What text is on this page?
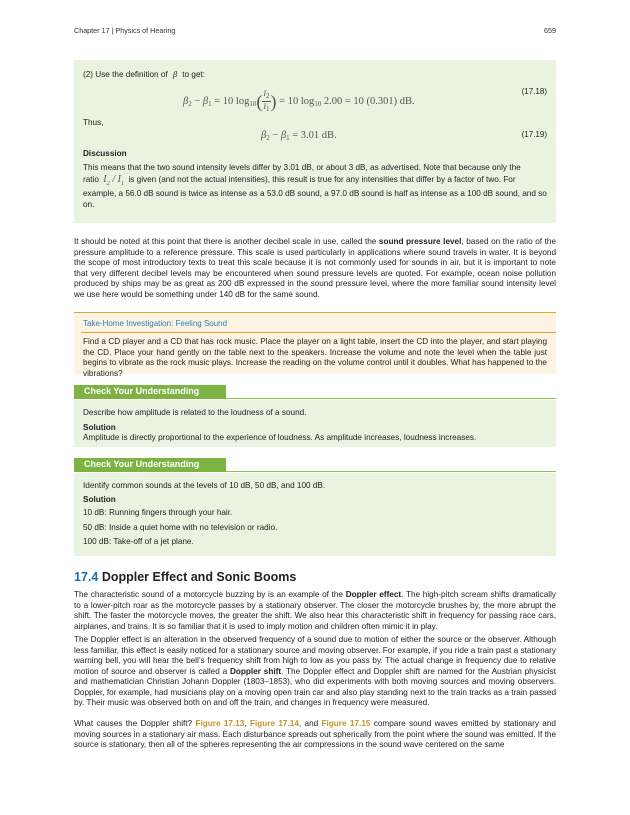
Chapter 17 | Physics of Hearing	659

(2) Use the definition of β to get:

$\beta_2 - \beta_1 = 10$ $\log_{10}( \frac{I_2}{I_1}$ ) = 10 $\log_{10} 2.00 = 10$ (0.301) dB.
(17.18)

Thus,

$\beta_2 - \beta_1 = 3.01$ dB.	(17.19)

Discussion

This means that the two sound intensity levels differ by 3.01 dB, or about 3 dB, as advertised. Note that because only the

ratio $I_2 / I_1$ is given (and not the actual intensities), this result is true for any intensities that differ by a factor of two. For

example, a 56.0 dB sound is twice as intense as a 53.0 dB sound, a 97.0 dB sound is half as intense as a 100 dB sound, and so on.

It should be noted at this point that there is another decibel scale in use, called the sound pressure level, based on the ratio of the pressure amplitude to a reference pressure. This scale is used particularly in applications where sound travels in water. It is beyond the scope of most introductory texts to treat this scale because it is not commonly used for sounds in air, but it is important to note that very different decibel levels may be encountered when sound pressure levels are quoted. For example, ocean noise pollution produced by ships may be as great as 200 dB expressed in the sound pressure level, where the more familiar sound intensity level we use here would be something under 140 dB for the same sound.
Take-Home Investigation: Feeling Sound

Find a CD player and a CD that has rock music. Place the player on a light table, insert the CD into the player, and start playing the CD. Place your hand gently on the table next to the speakers. Increase the volume and note the level when the table just begins to vibrate as the rock music plays. Increase the reading on the volume control until it doubles. What has happened to the vibrations?

Check Your Understanding

Describe how amplitude is related to the loudness of a sound.

Solution

Amplitude is directly proportional to the experience of loudness. As amplitude increases, loudness increases.

Check Your Understanding

Identify common sounds at the levels of 10 dB, 50 dB, and 100 dB.

Solution

10 dB: Running fingers through your hair.

50 dB: Inside a quiet home with no television or radio.

100 dB: Take-off of a jet plane.

17.4 Doppler Effect and Sonic Booms
The characteristic sound of a motorcycle buzzing by is an example of the Doppler effect. The high-pitch scream shifts dramatically to a lower-pitch roar as the motorcycle passes by a stationary observer. The closer the motorcycle brushes by, the more abrupt the shift. The faster the motorcycle moves, the greater the shift. We also hear this characteristic shift in frequency for passing race cars, airplanes, and trains. It is so familiar that it is used to imply motion and children often mimic it in play.
The Doppler effect is an alteration in the observed frequency of a sound due to motion of either the source or the observer. Although less familiar, this effect is easily noticed for a stationary source and moving observer. For example, if you ride a train past a stationary warning bell, you will hear the bell’s frequency shift from high to low as you pass by. The actual change in frequency due to relative motion of source and observer is called a Doppler shift. The Doppler effect and Doppler shift are named for the Austrian physicist and mathematician Christian Johann Doppler (1803–1853), who did experiments with both moving sources and moving observers. Doppler, for example, had musicians play on a moving open train car and also play standing next to the train tracks as a train passed by. Their music was observed both on and off the train, and changes in frequency were measured.
What causes the Doppler shift? Figure 17.13, Figure 17.14, and Figure 17.15 compare sound waves emitted by stationary and moving sources in a stationary air mass. Each disturbance spreads out spherically from the point where the sound was emitted. If the source is stationary, then all of the spheres representing the air compressions in the sound wave centered on the same
